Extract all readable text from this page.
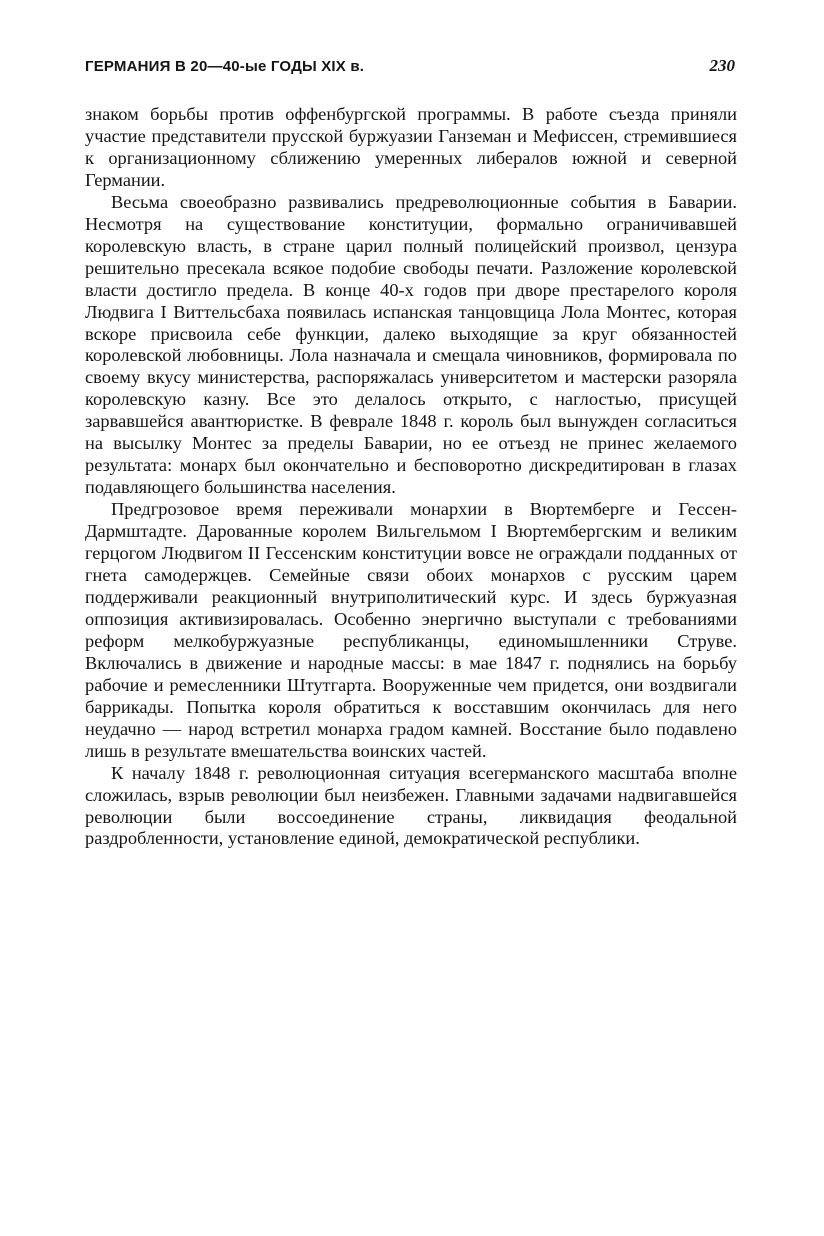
ГЕРМАНИЯ В 20—40-ые ГОДЫ XIX в.	230

знаком борьбы против оффенбургской программы. В работе съезда приняли участие представители прусской буржуазии Ганземан и Мефиссен, стремившиеся к организационному сближению умеренных либералов южной и северной Германии.

Весьма своеобразно развивались предреволюционные события в Баварии. Несмотря на существование конституции, формально ограничивавшей королевскую власть, в стране царил полный полицейский произвол, цензура решительно пресекала всякое подобие свободы печати. Разложение королевской власти достигло предела. В конце 40-х годов при дворе престарелого короля Людвига I Виттельсбаха появилась испанская танцовщица Лола Монтес, которая вскоре присвоила себе функции, далеко выходящие за круг обязанностей королевской любовницы. Лола назначала и смещала чиновников, формировала по своему вкусу министерства, распоряжалась университетом и мастерски разоряла королевскую казну. Все это делалось открыто, с наглостью, присущей зарвавшейся авантюристке. В феврале 1848 г. король был вынужден согласиться на высылку Монтес за пределы Баварии, но ее отъезд не принес желаемого результата: монарх был окончательно и бесповоротно дискредитирован в глазах подавляющего большинства населения.

Предгрозовое время переживали монархии в Вюртемберге и Гессен-Дармштадте. Дарованные королем Вильгельмом I Вюртембергским и великим герцогом Людвигом II Гессенским конституции вовсе не ограждали подданных от гнета самодержцев. Семейные связи обоих монархов с русским царем поддерживали реакционный внутриполитический курс. И здесь буржуазная оппозиция активизировалась. Особенно энергично выступали с требованиями реформ мелкобуржуазные республиканцы, единомышленники Струве. Включались в движение и народные массы: в мае 1847 г. поднялись на борьбу рабочие и ремесленники Штутгарта. Вооруженные чем придется, они воздвигали баррикады. Попытка короля обратиться к восставшим окончилась для него неудачно — народ встретил монарха градом камней. Восстание было подавлено лишь в результате вмешательства воинских частей.

К началу 1848 г. революционная ситуация всегерманского масштаба вполне сложилась, взрыв революции был неизбежен. Главными задачами надвигавшейся революции были воссоединение страны, ликвидация феодальной раздробленности, установление единой, демократической республики.
